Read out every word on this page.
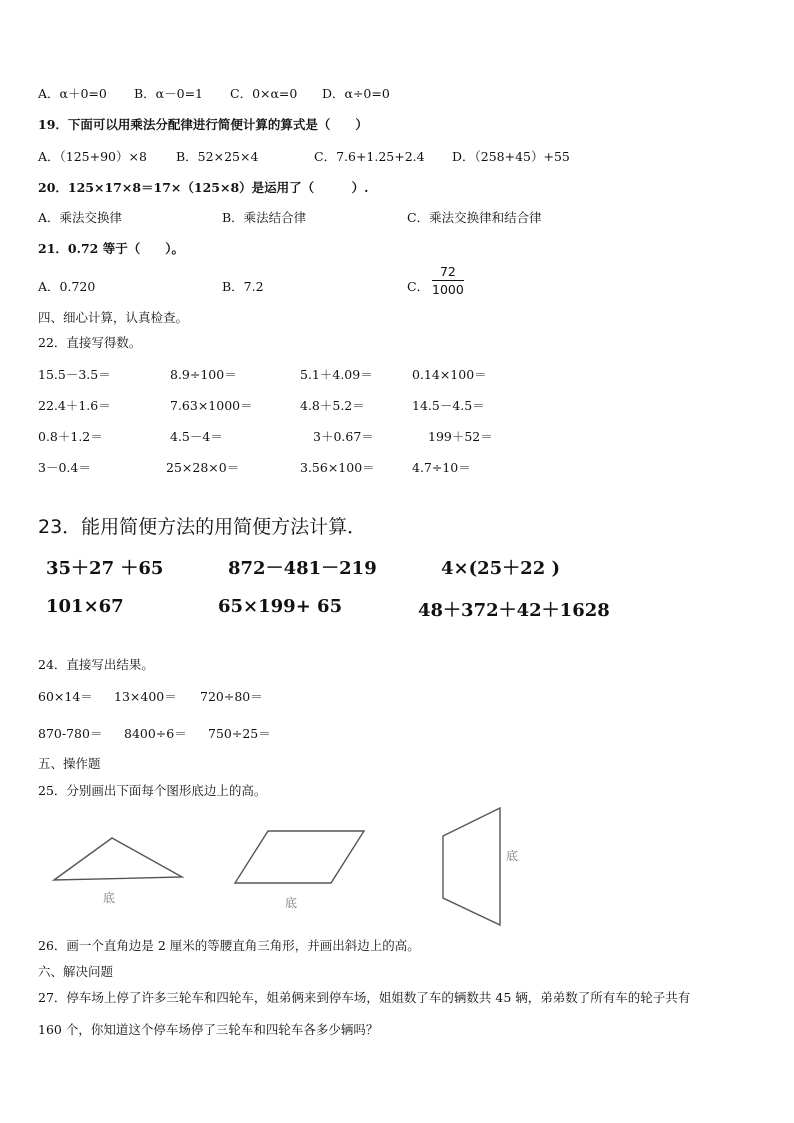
A．α＋0=0 B．α－0=1 C．0×α=0 D．α÷0=0
19．下面可以用乘法分配律进行简便计算的算式是（　　）
A．（125+90）×8 B．52×25×4	C．7.6+1.25+2.4 D．（258+45）+55
20．125×17×8＝17×（125×8）是运用了（　　　）.
A．乘法交换律	B．乘法结合律	C．乘法交换律和结合律
21．0.72 等于（　　）。
A．0.720	B．7.2	C．
72
1000
四、细心计算，认真检查。
22．直接写得数。
15.5－3.5＝	8.9÷100＝	5.1＋4.09＝	0.14×100＝
22.4＋1.6＝	7.63×1000＝	4.8＋5.2＝	14.5－4.5＝
0.8＋1.2＝	4.5－4＝	3＋0.67＝	199＋52＝
3－0.4＝	25×28×0＝	3.56×100＝	4.7÷10＝
23．能用简便方法的用简便方法计算．
35＋27 ＋65	872－481－219	4×(25＋22 )
101×67	65×199+ 65	48＋372＋42＋1628
24．直接写出结果。
60×14＝ 13×400＝ 720÷80＝
870-780＝ 8400÷6＝ 750÷25＝
五、操作题
25．分别画出下面每个图形底边上的高。
底	底
底
26．画一个直角边是 2 厘米的等腰直角三角形，并画出斜边上的高。
六、解决问题
27．停车场上停了许多三轮车和四轮车，姐弟俩来到停车场，姐姐数了车的辆数共 45 辆，弟弟数了所有车的轮子共有
160 个，你知道这个停车场停了三轮车和四轮车各多少辆吗？
